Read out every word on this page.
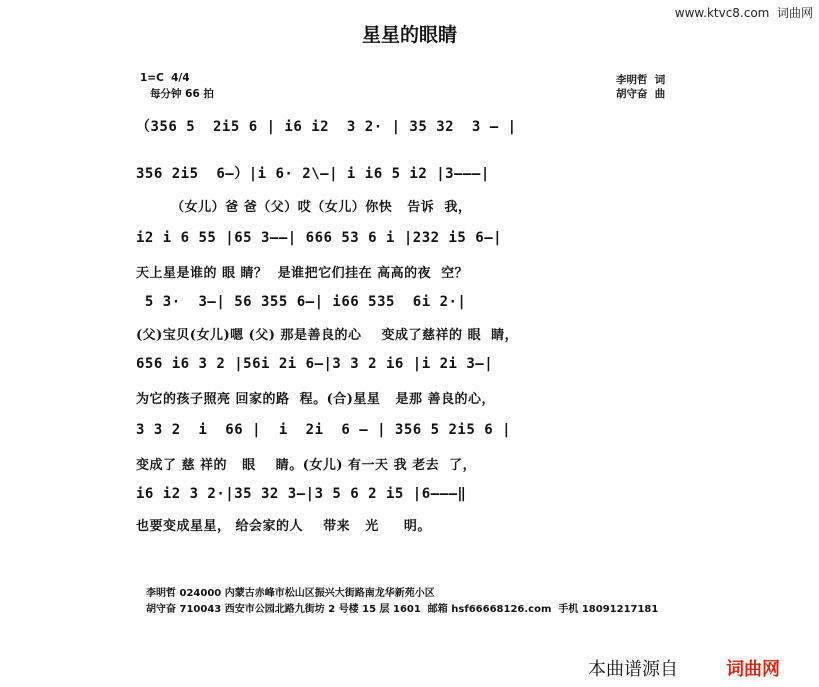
www.ktvc8.com  词曲网
星星的眼睛
1=C  4/4
每分钟 66 拍
李明哲  词
胡守奋  曲
（356 5  2i5 6 | i6 i2  3 2· | 35 32  3 — |
356 2i5  6—）|i 6· 2\—| i i6 5 i2 |3———|
（女儿）爸 爸（父）哎（女儿）你快   告诉  我，
i2 i 6 55 |65 3——| 666 53 6 i |232 i5 6—|
天上星是谁的 眼 睛？  是谁把它们挂在 高高的夜  空？
5 3·  3—| 56 355 6—| i66 535  6i 2·|
(父)宝贝(女儿)嗯 (父) 那是善良的心    变成了慈祥的 眼  睛，
656 i6 3 2 |56i 2i 6—|3 3 2 i6 |i 2i 3—|
为它的孩子照亮 回家的路  程。(合)星星   是那 善良的心，
3 3 2  i  66 |  i  2i  6 — | 356 5 2i5 6 |
变成了 慈 祥的   眼    睛。(女儿) 有一天 我 老去  了，
i6 i2 3 2·|35 32 3—|3 5 6 2 i5 |6———‖
也要变成星星， 给会家的人    带来   光     明。
李明哲 024000 内蒙古赤峰市松山区振兴大街路南龙华新苑小区
胡守奋 710043 西安市公园北路九街坊 2 号楼 15 层 1601  邮箱 hsf66668126.com  手机 18091217181
本曲谱源自	词曲网
